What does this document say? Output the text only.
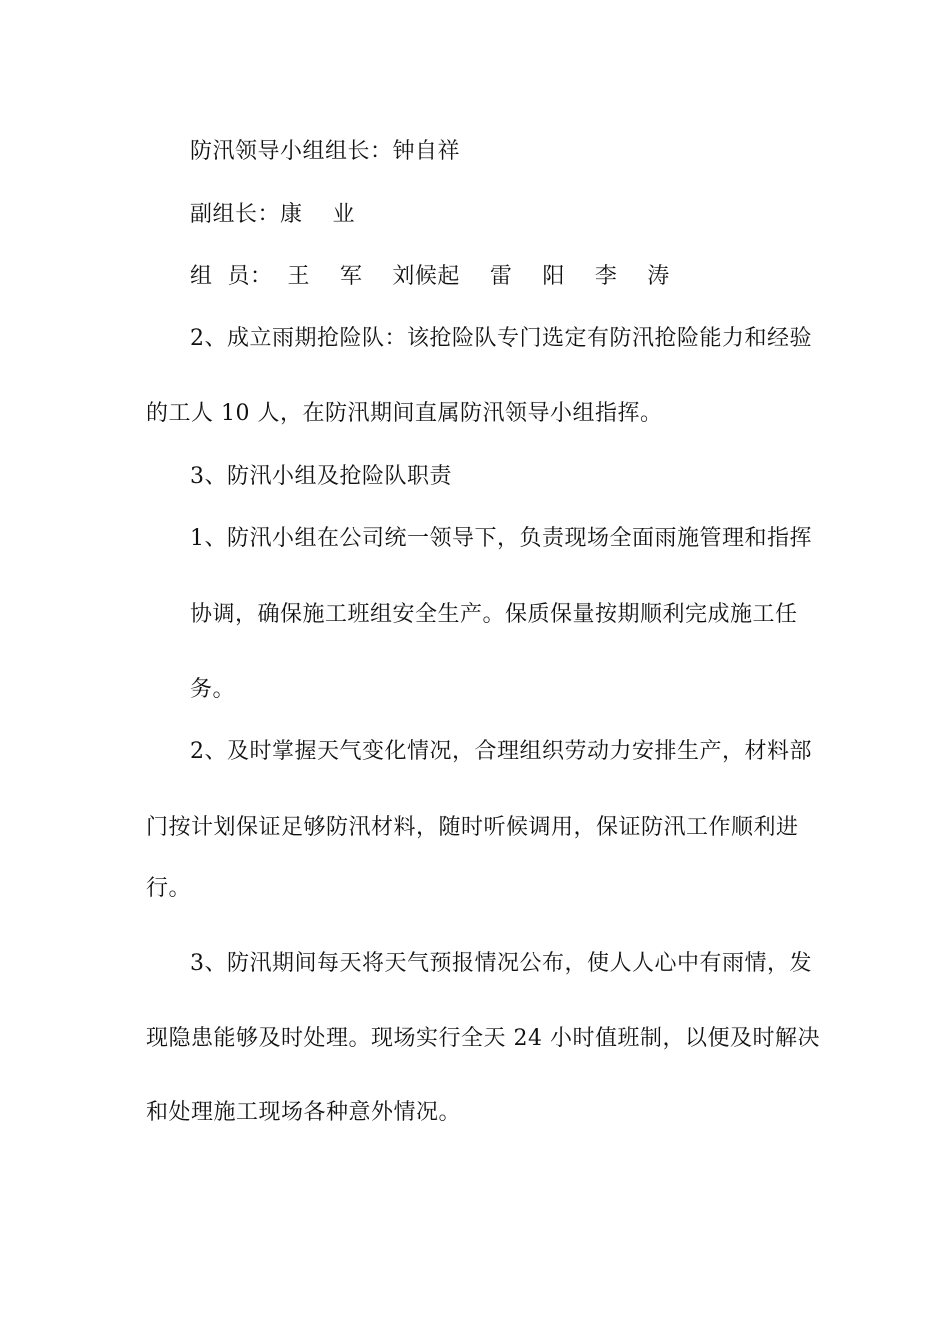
防汛领导小组组长：钟自祥
副组长：康    业
组  员：  王    军    刘候起    雷    阳    李    涛
2、成立雨期抢险队：该抢险队专门选定有防汛抢险能力和经验
的工人 10 人，在防汛期间直属防汛领导小组指挥。
3、防汛小组及抢险队职责
1、防汛小组在公司统一领导下，负责现场全面雨施管理和指挥
协调，确保施工班组安全生产。保质保量按期顺利完成施工任
务。
2、及时掌握天气变化情况，合理组织劳动力安排生产，材料部
门按计划保证足够防汛材料，随时听候调用，保证防汛工作顺利进
行。
3、防汛期间每天将天气预报情况公布，使人人心中有雨情，发
现隐患能够及时处理。现场实行全天 24 小时值班制，以便及时解决
和处理施工现场各种意外情况。
